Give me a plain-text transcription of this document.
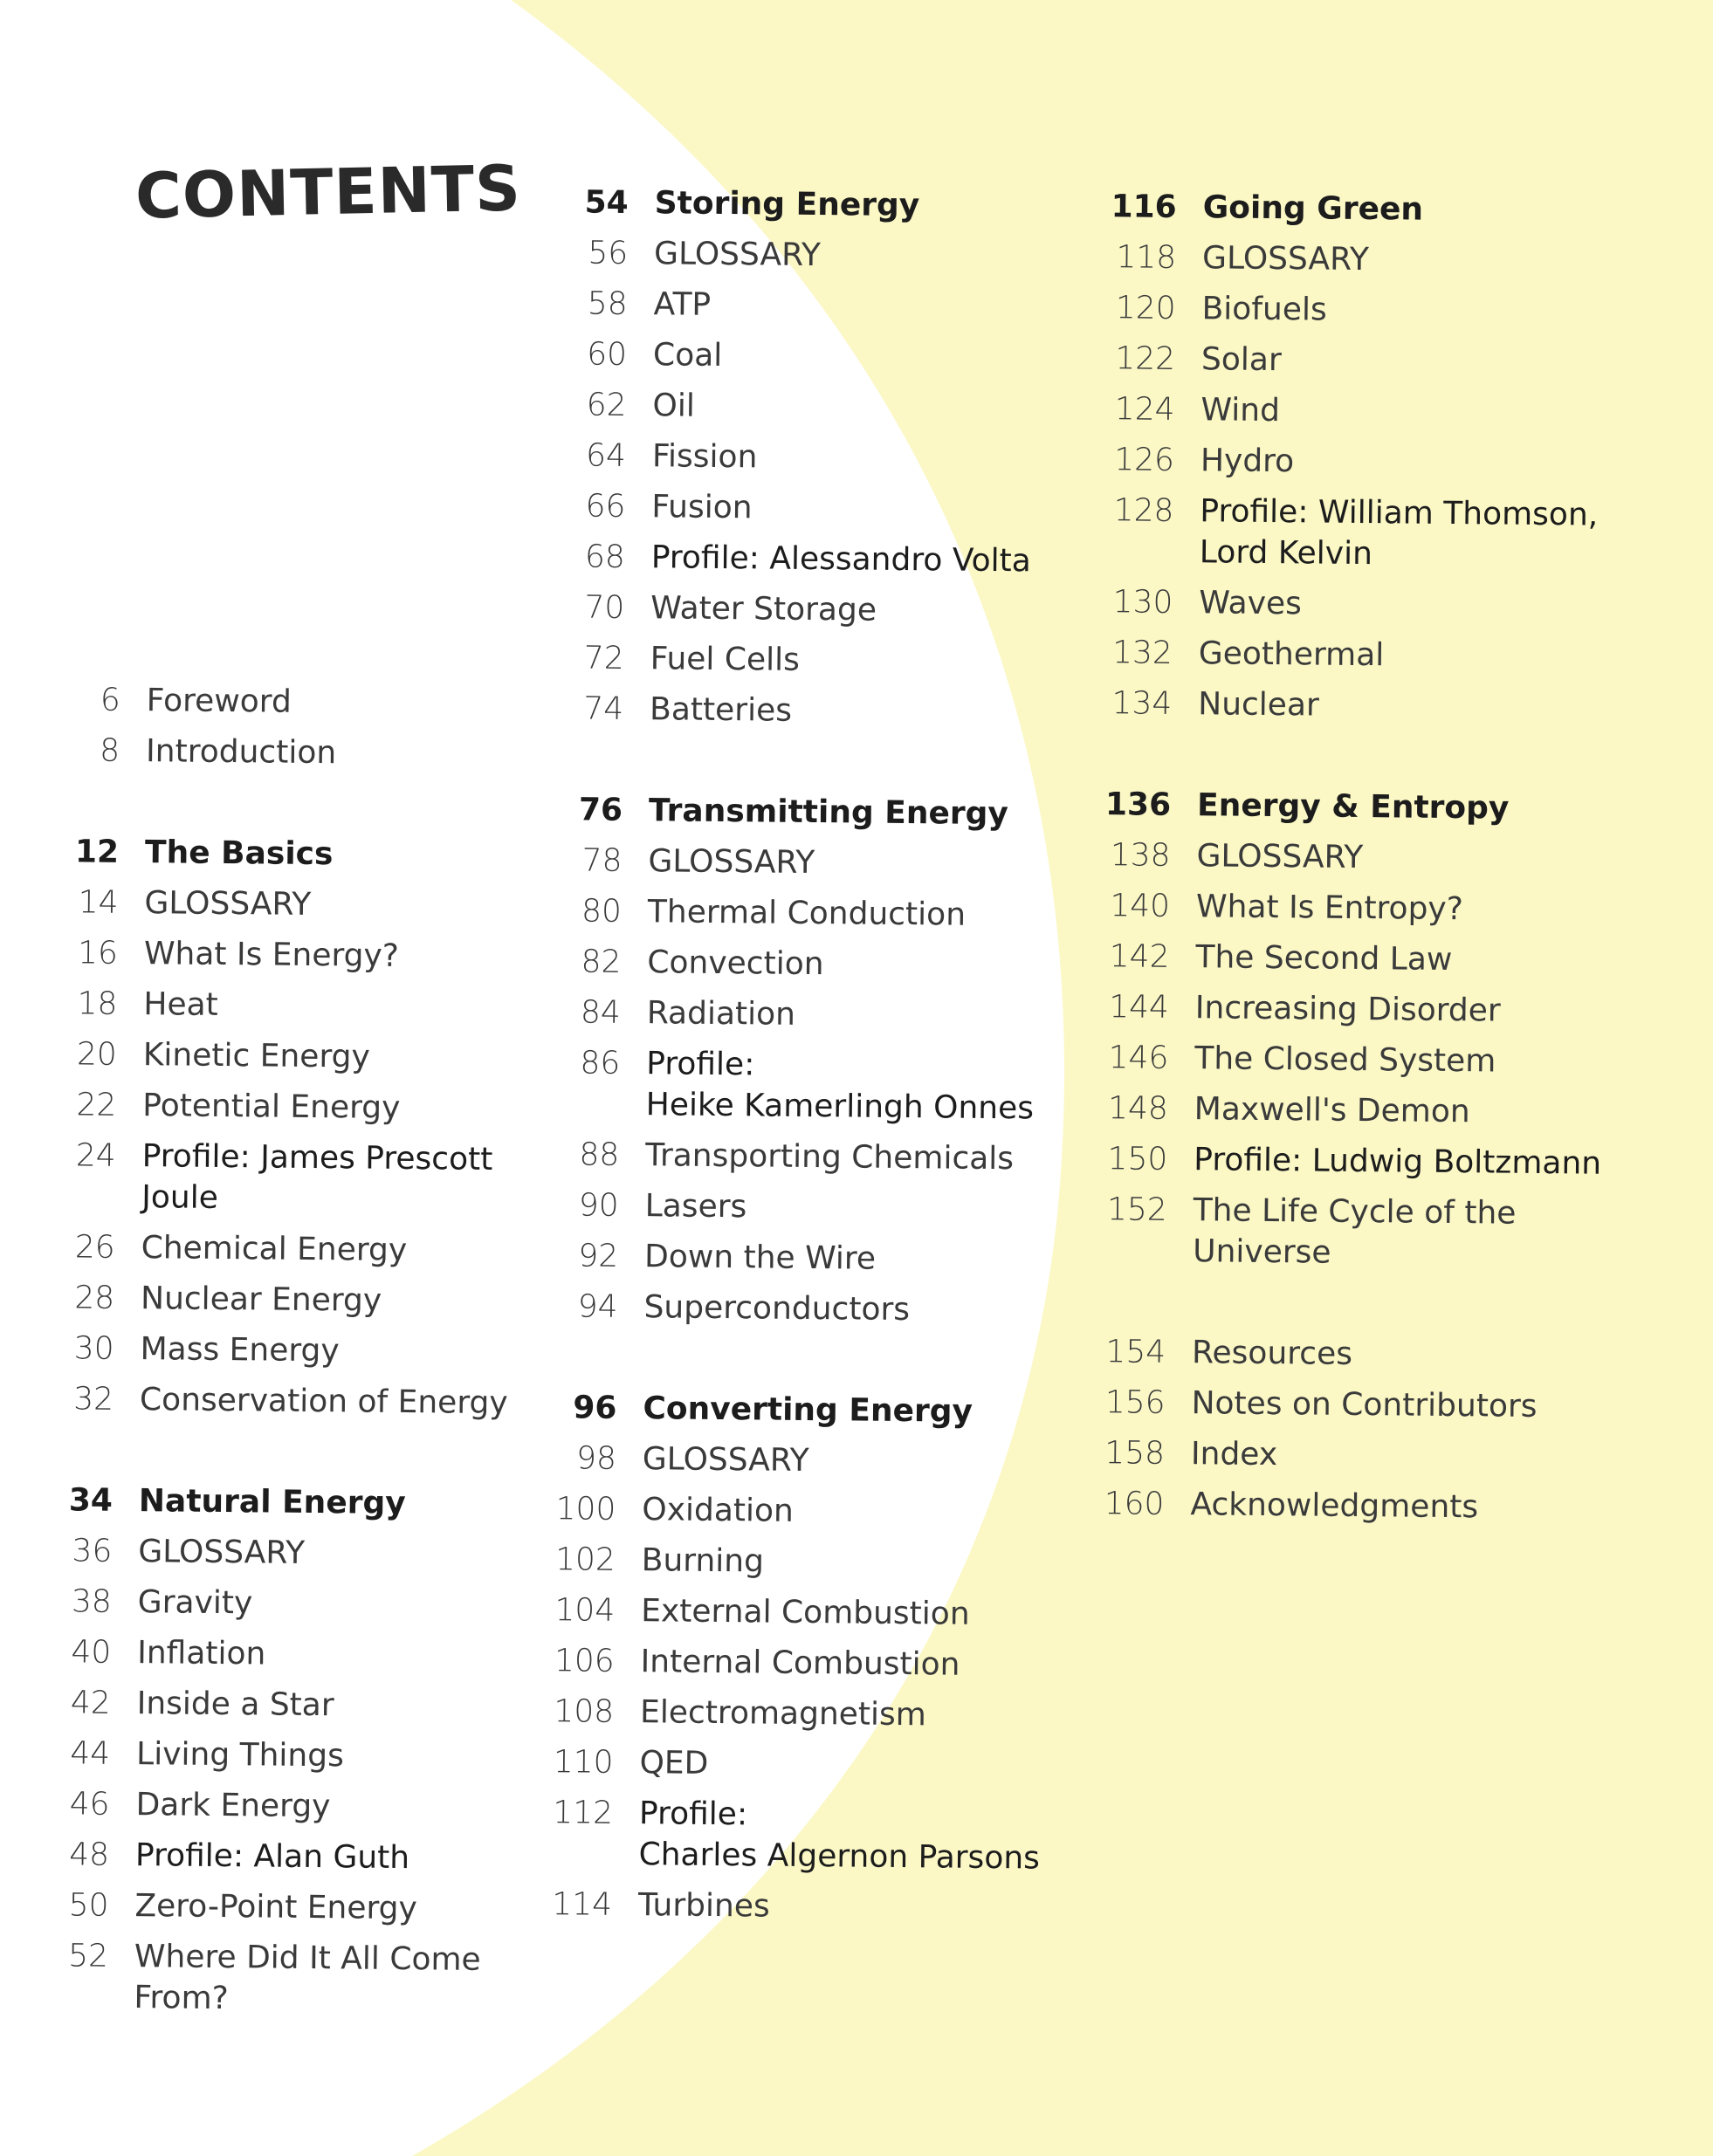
CONTENTS
6 Foreword
8 Introduction
12 The Basics
14 GLOSSARY
16 What Is Energy?
18 Heat
20 Kinetic Energy
22 Potential Energy
24 Profile: James Prescott Joule
26 Chemical Energy
28 Nuclear Energy
30 Mass Energy
32 Conservation of Energy
34 Natural Energy
36 GLOSSARY
38 Gravity
40 Inflation
42 Inside a Star
44 Living Things
46 Dark Energy
48 Profile: Alan Guth
50 Zero-Point Energy
52 Where Did It All Come From?
54 Storing Energy
56 GLOSSARY
58 ATP
60 Coal
62 Oil
64 Fission
66 Fusion
68 Profile: Alessandro Volta
70 Water Storage
72 Fuel Cells
74 Batteries
76 Transmitting Energy
78 GLOSSARY
80 Thermal Conduction
82 Convection
84 Radiation
86 Profile:
Heike Kamerlingh Onnes
88 Transporting Chemicals
90 Lasers
92 Down the Wire
94 Superconductors
96 Converting Energy
98 GLOSSARY
100 Oxidation
102 Burning
104 External Combustion
106 Internal Combustion
108 Electromagnetism
110 QED
112 Profile:
Charles Algernon Parsons
114 Turbines
116 Going Green
118 GLOSSARY
120 Biofuels
122 Solar
124 Wind
126 Hydro
128 Profile: William Thomson,
Lord Kelvin
130 Waves
132 Geothermal
134 Nuclear
136 Energy & Entropy
138 GLOSSARY
140 What Is Entropy?
142 The Second Law
144 Increasing Disorder
146 The Closed System
148 Maxwell's Demon
150 Profile: Ludwig Boltzmann
152 The Life Cycle of the Universe
154 Resources
156 Notes on Contributors
158 Index
160 Acknowledgments
